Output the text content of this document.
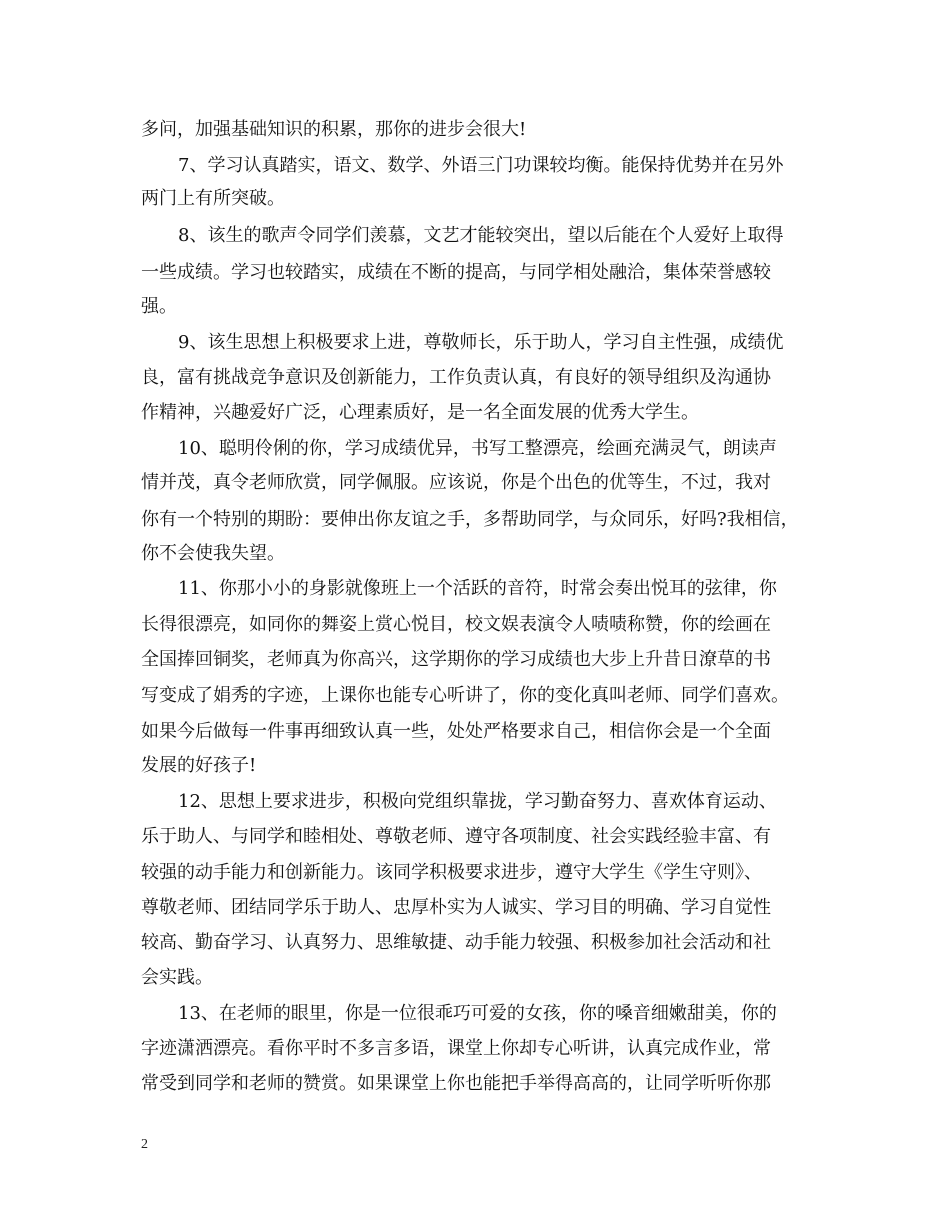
多问，加强基础知识的积累，那你的进步会很大!
7、学习认真踏实，语文、数学、外语三门功课较均衡。能保持优势并在另外
两门上有所突破。
8、该生的歌声令同学们羡慕，文艺才能较突出，望以后能在个人爱好上取得
一些成绩。学习也较踏实，成绩在不断的提高，与同学相处融洽，集体荣誉感较
强。
9、该生思想上积极要求上进，尊敬师长，乐于助人，学习自主性强，成绩优
良，富有挑战竞争意识及创新能力，工作负责认真，有良好的领导组织及沟通协
作精神，兴趣爱好广泛，心理素质好，是一名全面发展的优秀大学生。
10、聪明伶俐的你，学习成绩优异，书写工整漂亮，绘画充满灵气，朗读声
情并茂，真令老师欣赏，同学佩服。应该说，你是个出色的优等生，不过，我对
你有一个特别的期盼：要伸出你友谊之手，多帮助同学，与众同乐，好吗?我相信，
你不会使我失望。
11、你那小小的身影就像班上一个活跃的音符，时常会奏出悦耳的弦律，你
长得很漂亮，如同你的舞姿上赏心悦目，校文娱表演令人啧啧称赞，你的绘画在
全国捧回铜奖，老师真为你高兴，这学期你的学习成绩也大步上升昔日潦草的书
写变成了娟秀的字迹，上课你也能专心听讲了，你的变化真叫老师、同学们喜欢。
如果今后做每一件事再细致认真一些，处处严格要求自己，相信你会是一个全面
发展的好孩子!
12、思想上要求进步，积极向党组织靠拢，学习勤奋努力、喜欢体育运动、
乐于助人、与同学和睦相处、尊敬老师、遵守各项制度、社会实践经验丰富、有
较强的动手能力和创新能力。该同学积极要求进步，遵守大学生《学生守则》、
尊敬老师、团结同学乐于助人、忠厚朴实为人诚实、学习目的明确、学习自觉性
较高、勤奋学习、认真努力、思维敏捷、动手能力较强、积极参加社会活动和社
会实践。
13、在老师的眼里，你是一位很乖巧可爱的女孩，你的嗓音细嫩甜美，你的
字迹潇洒漂亮。看你平时不多言多语，课堂上你却专心听讲，认真完成作业，常
常受到同学和老师的赞赏。如果课堂上你也能把手举得高高的，让同学听听你那
2
